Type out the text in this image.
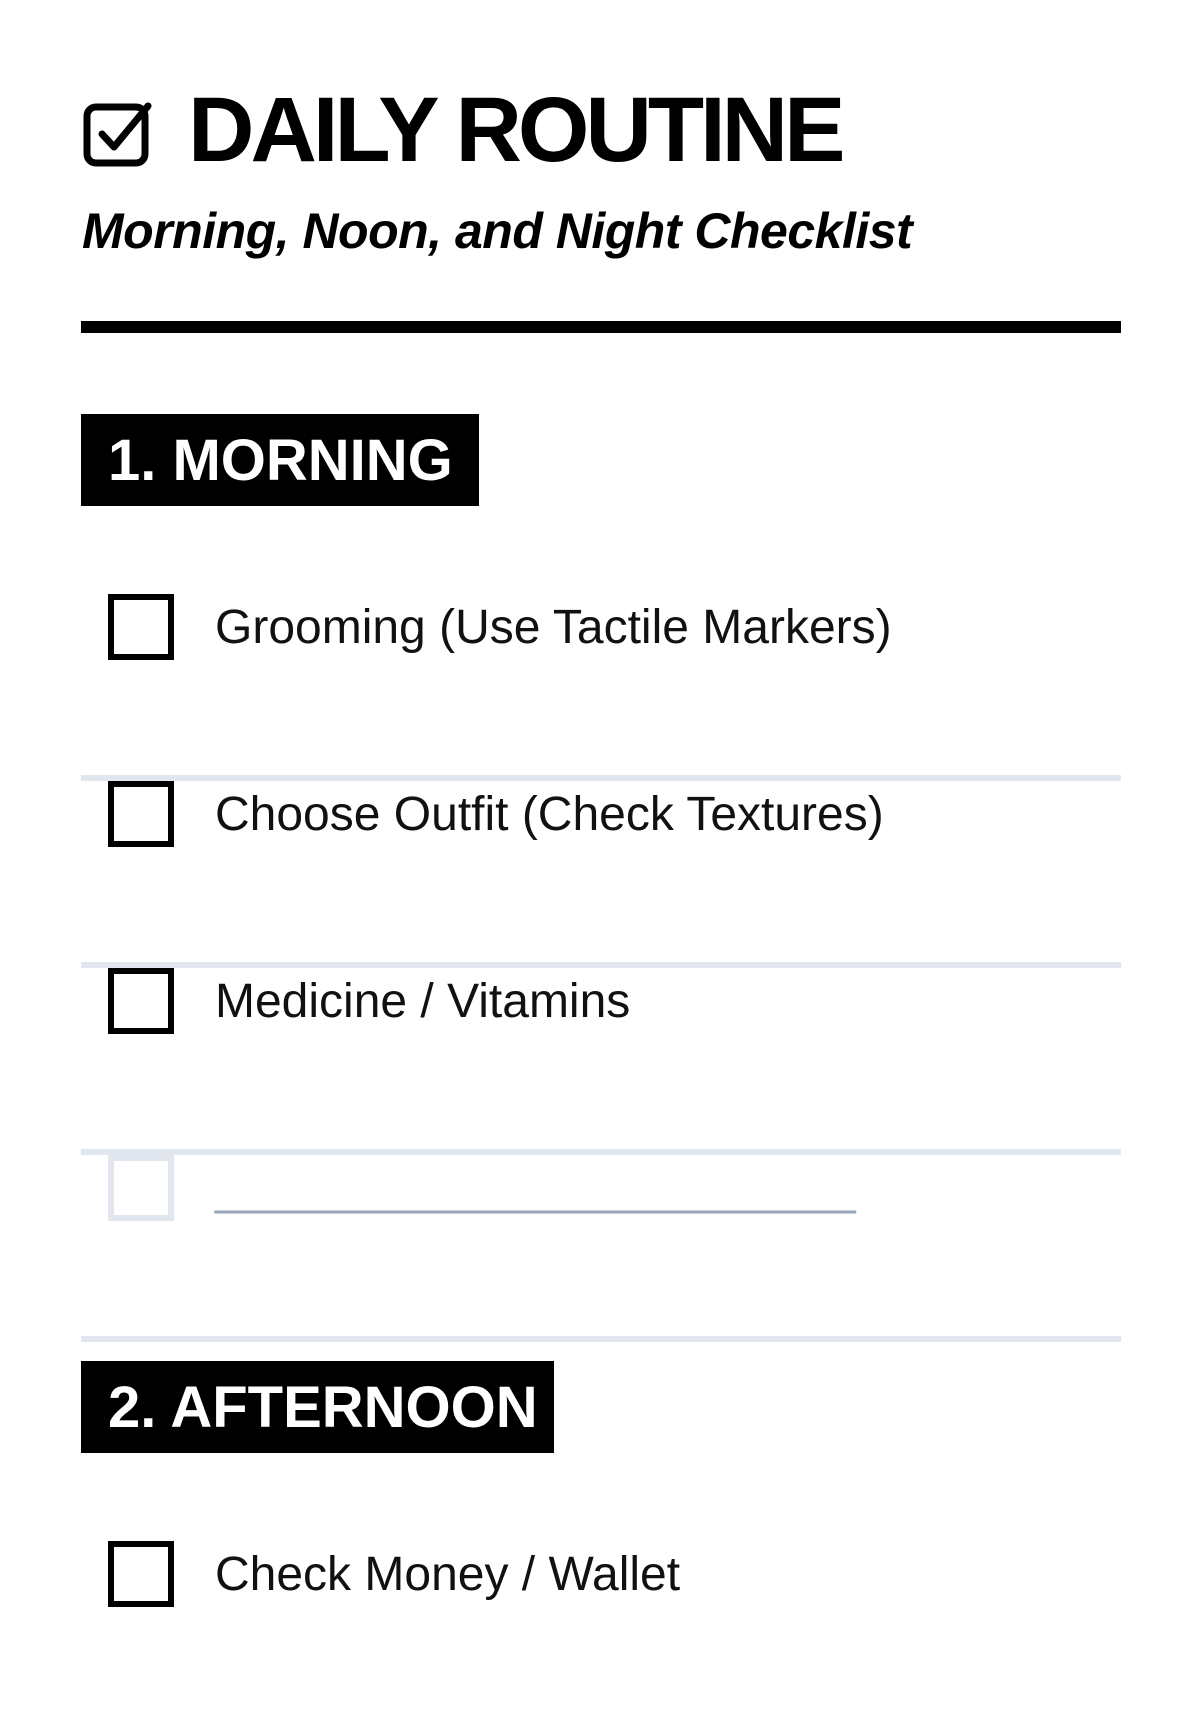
DAILY ROUTINE
Morning, Noon, and Night Checklist
1. MORNING
Grooming (Use Tactile Markers)
Choose Outfit (Check Textures)
Medicine / Vitamins
________________________
2. AFTERNOON
Check Money / Wallet
